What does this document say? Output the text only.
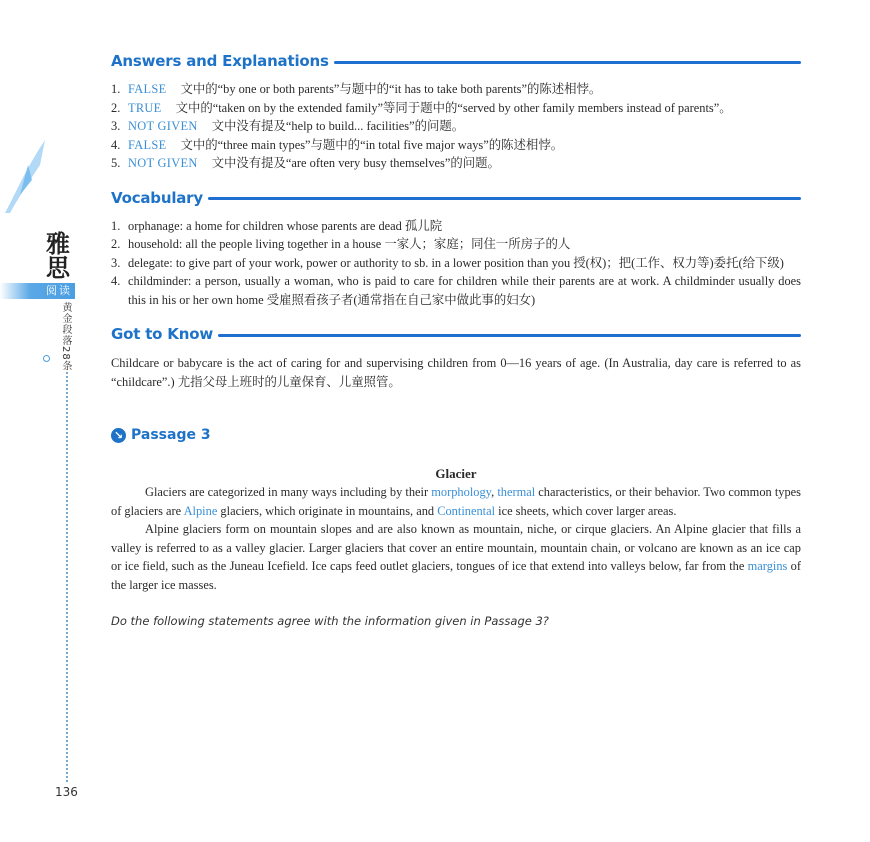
雅思
阅读
黄金段落28条
136
Answers and Explanations
1. FALSE 文中的“by one or both parents”与题中的“it has to take both parents”的陈述相悖。
2. TRUE 文中的“taken on by the extended family”等同于题中的“served by other family members instead of parents”。
3. NOT GIVEN 文中没有提及“help to build... facilities”的问题。
4. FALSE 文中的“three main types”与题中的“in total five major ways”的陈述相悖。
5. NOT GIVEN 文中没有提及“are often very busy themselves”的问题。
Vocabulary
1. orphanage: a home for children whose parents are dead 孤儿院
2. household: all the people living together in a house 一家人；家庭；同住一所房子的人
3. delegate: to give part of your work, power or authority to sb. in a lower position than you 授(权)；把(工作、权力等)委托(给下级)
4. childminder: a person, usually a woman, who is paid to care for children while their parents are at work. A childminder usually does this in his or her own home 受雇照看孩子者(通常指在自己家中做此事的妇女)
Got to Know

Childcare or babycare is the act of caring for and supervising children from 0—16 years of age. (In Australia, day care is referred to as “childcare”.) 尤指父母上班时的儿童保育、儿童照管。

↘ Passage 3
Glacier

Glaciers are categorized in many ways including by their morphology, thermal characteristics, or their behavior. Two common types of glaciers are Alpine glaciers, which originate in mountains, and Continental ice sheets, which cover larger areas.

Alpine glaciers form on mountain slopes and are also known as mountain, niche, or cirque glaciers. An Alpine glacier that fills a valley is referred to as a valley glacier. Larger glaciers that cover an entire mountain, mountain chain, or volcano are known as an ice cap or ice field, such as the Juneau Icefield. Ice caps feed outlet glaciers, tongues of ice that extend into valleys below, far from the margins of the larger ice masses.

Do the following statements agree with the information given in Passage 3?
